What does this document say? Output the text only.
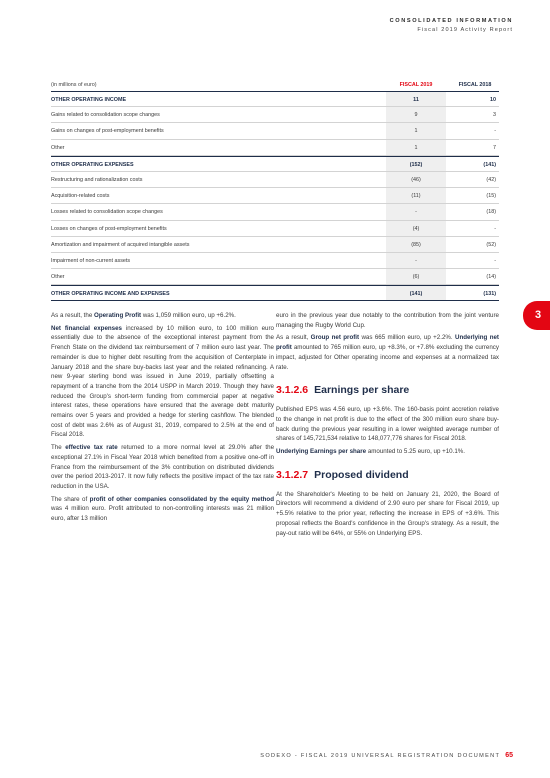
CONSOLIDATED INFORMATION
Fiscal 2019 Activity Report
(in millions of euro)	FISCAL 2019	FISCAL 2018
OTHER OPERATING INCOME	11	10
Gains related to consolidation scope changes	9	3
Gains on changes of post-employment benefits	1	-
Other	1	7
OTHER OPERATING EXPENSES	(152)	(141)
Restructuring and rationalization costs	(46)	(42)
Acquisition-related costs	(11)	(15)
Losses related to consolidation scope changes	-	(18)
Losses on changes of post-employment benefits	(4)	-
Amortization and impairment of acquired intangible assets	(85)	(52)
Impairment of non-current assets	-	-
Other	(6)	(14)
OTHER OPERATING INCOME AND EXPENSES	(141)	(131)
3

As a result, the Operating Profit was 1,059 million euro, up +6.2%.

Net financial expenses increased by 10 million euro, to 100 million euro essentially due to the absence of the exceptional interest payment from the French State on the dividend tax reimbursement of 7 million euro last year. The remainder is due to higher debt resulting from the acquisition of Centerplate in January 2018 and the share buy-backs last year and the related refinancing. A new 9-year sterling bond was issued in June 2019, partially offsetting a repayment of a tranche from the 2014 USPP in March 2019. Though they have reduced the Group's short-term funding from commercial paper at negative interest rates, these operations have ensured that the average debt maturity remains over 5 years and provided a hedge for sterling cashflow. The blended cost of debt was 2.6% as of August 31, 2019, compared to 2.5% at the end of Fiscal 2018.

The effective tax rate returned to a more normal level at 29.0% after the exceptional 27.1% in Fiscal Year 2018 which benefited from a positive one-off in France from the reimbursement of the 3% contribution on distributed dividends over the period 2013-2017. It now fully reflects the positive impact of the tax rate reduction in the USA.

The share of profit of other companies consolidated by the equity method was 4 million euro. Profit attributed to non-controlling interests was 21 million euro, after 13 million

euro in the previous year due notably to the contribution from the joint venture managing the Rugby World Cup.

As a result, Group net profit was 665 million euro, up +2.2%. Underlying net profit amounted to 765 million euro, up +8.3%, or +7.8% excluding the currency impact, adjusted for Other operating income and expenses at a normalized tax rate.

3.1.2.6 Earnings per share

Published EPS was 4.56 euro, up +3.6%. The 160-basis point accretion relative to the change in net profit is due to the effect of the 300 million euro share buy-back during the previous year resulting in a lower weighted average number of shares of 145,721,534 relative to 148,077,776 shares for Fiscal 2018.

Underlying Earnings per share amounted to 5.25 euro, up +10.1%.

3.1.2.7 Proposed dividend

At the Shareholder's Meeting to be held on January 21, 2020, the Board of Directors will recommend a dividend of 2.90 euro per share for Fiscal 2019, up +5.5% relative to the prior year, reflecting the increase in EPS of +3.6%. This proposal reflects the Board's confidence in the Group's strategy. As a result, the pay-out ratio will be 64%, or 55% on Underlying EPS.

SODEXO - FISCAL 2019 UNIVERSAL REGISTRATION DOCUMENT 65
